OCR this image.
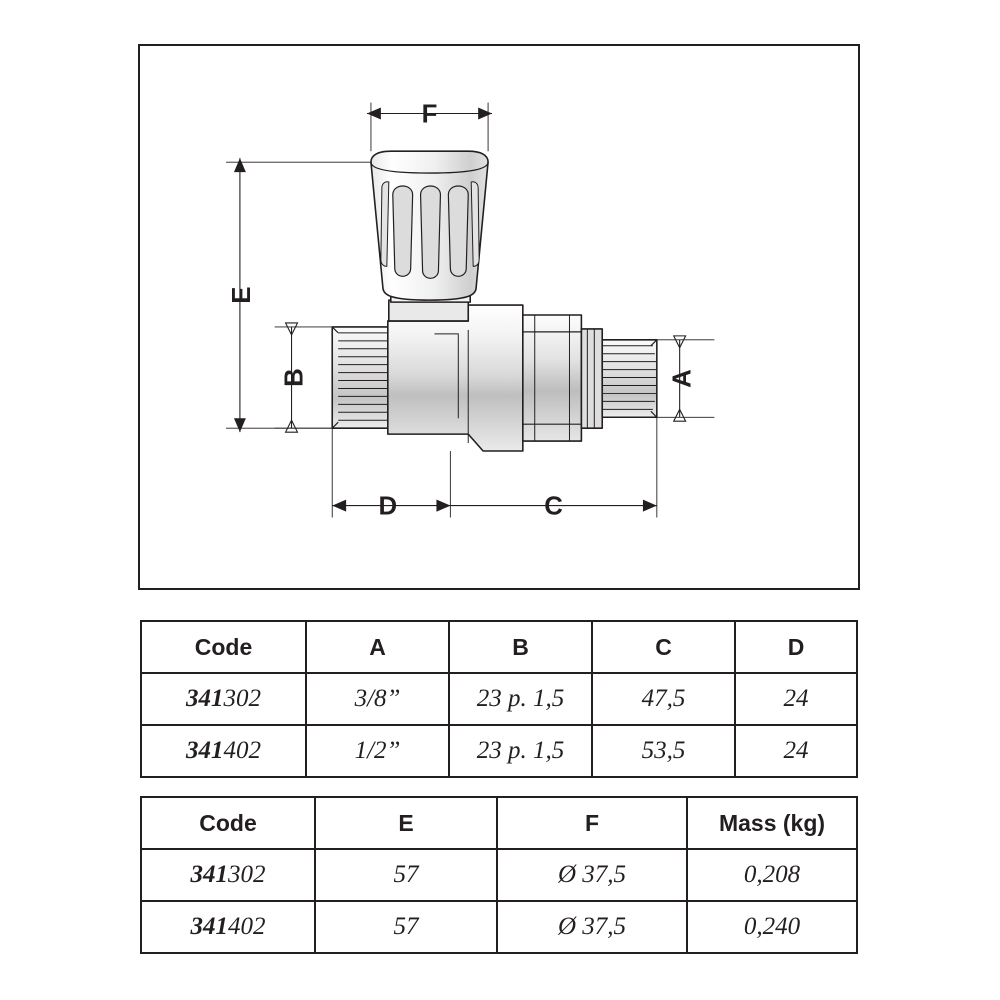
F
E
B	A
D	C
Code	A	B	C	D
341302	3/8”	23 p. 1,5	47,5	24
341402	1/2”	23 p. 1,5	53,5	24
Code	E	F	Mass (kg)
341302	57	Ø 37,5	0,208
341402	57	Ø 37,5	0,240
